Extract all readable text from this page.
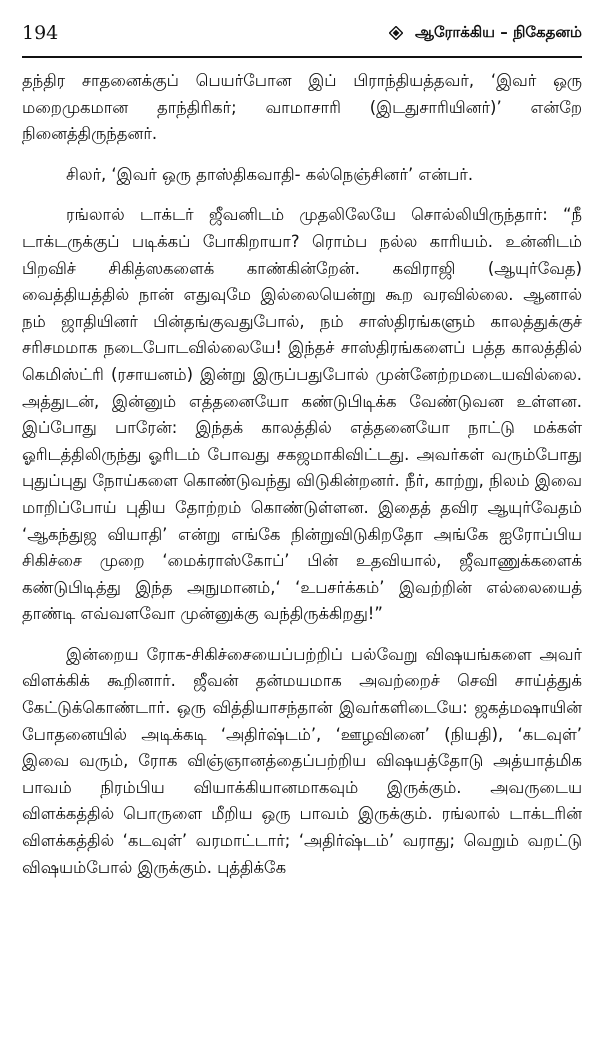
194	ஆரோக்கிய – நிகேதனம்

தந்திர சாதனைக்குப் பெயர்போன இப் பிராந்தியத்தவர், ‘இவர் ஒரு மறைமுகமான தாந்திரிகர்; வாமாசாரி (இடதுசாரியினர்)’ என்றே நினைத்திருந்தனர்.

சிலர், ‘இவர் ஒரு தாஸ்திகவாதி- கல்நெஞ்சினர்’ என்பர்.

ரங்லால் டாக்டர் ஜீவனிடம் முதலிலேயே சொல்லியிருந்தார்: “நீ டாக்டருக்குப் படிக்கப் போகிறாயா? ரொம்ப நல்ல காரியம். உன்னிடம் பிறவிச் சிகித்ஸகளைக் காண்கின்றேன். கவிராஜி (ஆயுர்வேத) வைத்தியத்தில் நான் எதுவுமே இல்லையென்று கூற வரவில்லை. ஆனால் நம் ஜாதியினர் பின்தங்குவதுபோல், நம் சாஸ்திரங்களும் காலத்துக்குச் சரிசமமாக நடைபோடவில்லையே! இந்தச் சாஸ்திரங்களைப் பத்த காலத்தில் கெமிஸ்ட்ரி (ரசாயனம்) இன்று இருப்பதுபோல் முன்னேற்றமடையவில்லை. அத்துடன், இன்னும் எத்தனையோ கண்டுபிடிக்க வேண்டுவன உள்ளன. இப்போது பாரேன்: இந்தக் காலத்தில் எத்தனையோ நாட்டு மக்கள் ஓரிடத்திலிருந்து ஓரிடம் போவது சகஜமாகிவிட்டது. அவர்கள் வரும்போது புதுப்புது நோய்களை கொண்டுவந்து விடுகின்றனர். நீர், காற்று, நிலம் இவை மாறிப்போய் புதிய தோற்றம் கொண்டுள்ளன. இதைத் தவிர ஆயுர்வேதம் ‘ஆகந்துஜ வியாதி’ என்று எங்கே நின்றுவிடுகிறதோ அங்கே ஐரோப்பிய சிகிச்சை முறை ‘மைக்ராஸ்கோப்’ பின் உதவியால், ஜீவாணுக்களைக் கண்டுபிடித்து இந்த அநுமானம்,‘ ‘உபசர்க்கம்’ இவற்றின் எல்லையைத் தாண்டி எவ்வளவோ முன்னுக்கு வந்திருக்கிறது!”

இன்றைய ரோக-சிகிச்சையைப்பற்றிப் பல்வேறு விஷயங்களை அவர் விளக்கிக் கூறினார். ஜீவன் தன்மயமாக அவற்றைச் செவி சாய்த்துக் கேட்டுக்கொண்டார். ஒரு வித்தியாசந்தான் இவர்களிடையே: ஜகத்மஷாயின் போதனையில் அடிக்கடி ‘அதிர்ஷ்டம்’, ‘ஊழவினை’ (நியதி), ‘கடவுள்’ இவை வரும், ரோக விஞ்ஞானத்தைப்பற்றிய விஷயத்தோடு அத்யாத்மிக பாவம் நிரம்பிய வியாக்கியானமாகவும் இருக்கும். அவருடைய விளக்கத்தில் பொருளை மீறிய ஒரு பாவம் இருக்கும். ரங்லால் டாக்டரின் விளக்கத்தில் ‘கடவுள்’ வரமாட்டார்; ‘அதிர்ஷ்டம்’ வராது; வெறும் வறட்டு விஷயம்போல் இருக்கும். புத்திக்கே
